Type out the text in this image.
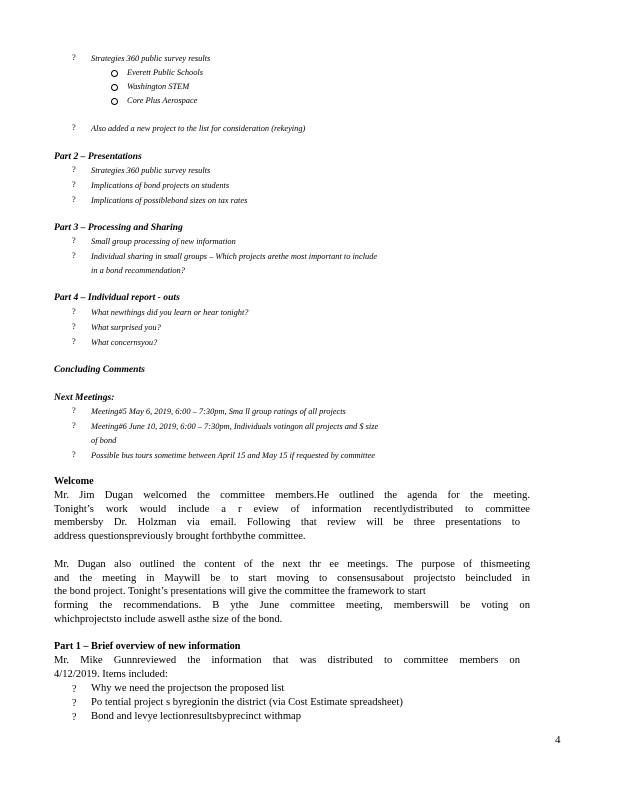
? Strategies 360 public survey results
Everett Public Schools
Washington STEM
Core Plus Aerospace
? Also added a new project to the list for consideration (rekeying)
Part 2 – Presentations
? Strategies 360 public survey results
? Implications of bond projects on students
? Implications of possiblebond sizes on tax rates
Part 3 – Processing and Sharing
? Small group processing of new information
? Individual sharing in small groups – Which projects arethe most important to include
in a bond recommendation?
Part 4 – Individual report - outs
? What newthings did you learn or hear tonight?
? What surprised you?
? What concernsyou?
Concluding Comments
Next Meetings:
? Meeting#5 May 6, 2019, 6:00 – 7:30pm, Sma ll group ratings of all projects
? Meeting#6 June 10, 2019, 6:00 – 7:30pm, Individuals votingon all projects and $ size
of bond
? Possible bus tours sometime between April 15 and May 15 if requested by committee
Welcome
Mr. Jim Dugan welcomed the committee members.He outlined the agenda for the meeting.
Tonight’s work would include a r eview of information recentlydistributed to committee
membersby Dr. Holzman via email. Following that review will be three presentations to
address questionspreviously brought forthbythe committee.
Mr. Dugan also outlined the content of the next thr ee meetings. The purpose of thismeeting
and the meeting in Maywill be to start moving to consensusabout projectsto beincluded in
the bond project. Tonight’s presentations will give the committee the framework to start
forming the recommendations. B ythe June committee meeting, memberswill be voting on
whichprojectsto include aswell asthe size of the bond.
Part 1 – Brief overview of new information
Mr. Mike Gunnreviewed the information that was distributed to committee members on
4/12/2019. Items included:
? Why we need the projectson the proposed list
? Po tential project s byregionin the district (via Cost Estimate spreadsheet)
? Bond and levye lectionresultsbyprecinct withmap
4
